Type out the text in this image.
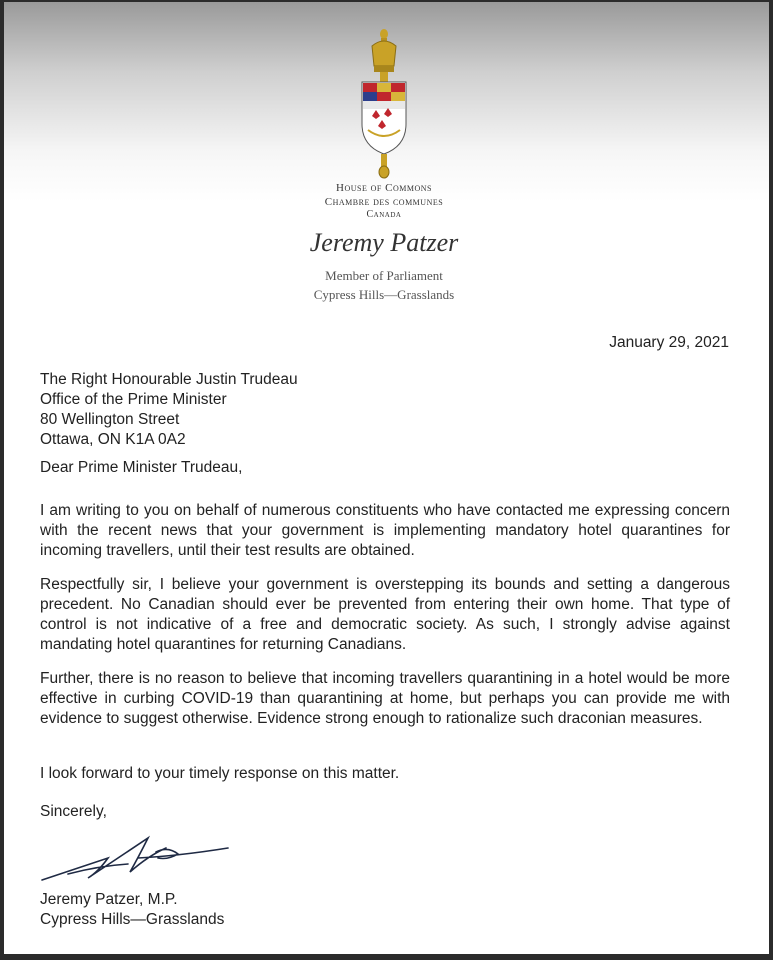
House of Commons
Chambre des communes
Canada
Jeremy Patzer
Member of Parliament
Cypress Hills—Grasslands
January 29, 2021
The Right Honourable Justin Trudeau
Office of the Prime Minister
80 Wellington Street
Ottawa, ON K1A 0A2
Dear Prime Minister Trudeau,
I am writing to you on behalf of numerous constituents who have contacted me expressing concern with the recent news that your government is implementing mandatory hotel quarantines for incoming travellers, until their test results are obtained.
Respectfully sir, I believe your government is overstepping its bounds and setting a dangerous precedent. No Canadian should ever be prevented from entering their own home. That type of control is not indicative of a free and democratic society. As such, I strongly advise against mandating hotel quarantines for returning Canadians.
Further, there is no reason to believe that incoming travellers quarantining in a hotel would be more effective in curbing COVID-19 than quarantining at home, but perhaps you can provide me with evidence to suggest otherwise. Evidence strong enough to rationalize such draconian measures.
I look forward to your timely response on this matter.
Sincerely,
Jeremy Patzer, M.P.
Cypress Hills—Grasslands
